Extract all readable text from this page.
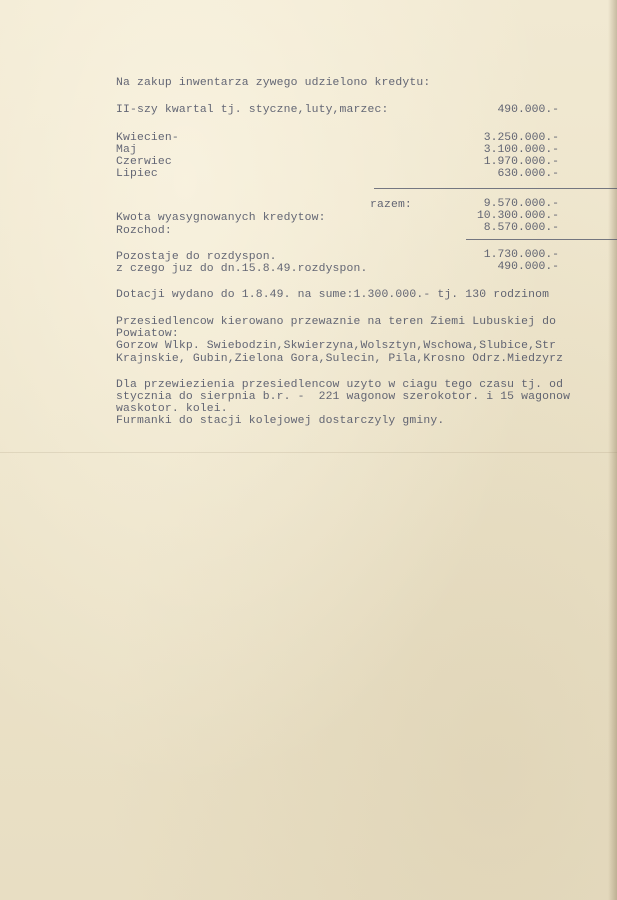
Na zakup inwentarza zywego udzielono kredytu:
II-szy kwartal tj. styczne,luty,marzec:	490.000.-
Kwiecien-	3.250.000.-
Maj	3.100.000.-
Czerwiec	1.970.000.-
Lipiec	630.000.-
razem:	9.570.000.-
Kwota wyasygnowanych kredytow:	10.300.000.-
Rozchod:	8.570.000.-
Pozostaje do rozdyspon.	1.730.000.-
z czego juz do dn.15.8.49.rozdyspon.	490.000.-
Dotacji wydano do 1.8.49. na sume:1.300.000.- tj. 130 rodzinom
Przesiedlencow kierowano przewaznie na teren Ziemi Lubuskiej do
Powiatow:
Gorzow Wlkp. Swiebodzin,Skwierzyna,Wolsztyn,Wschowa,Slubice,Str
Krajnskie, Gubin,Zielona Gora,Sulecin, Pila,Krosno Odrz.Miedzyrz
Dla przewiezienia przesiedlencow uzyto w ciagu tego czasu tj. od
stycznia do sierpnia b.r. -  221 wagonow szerokotor. i 15 wagonow
waskotor. kolei.
Furmanki do stacji kolejowej dostarczyly gminy.
